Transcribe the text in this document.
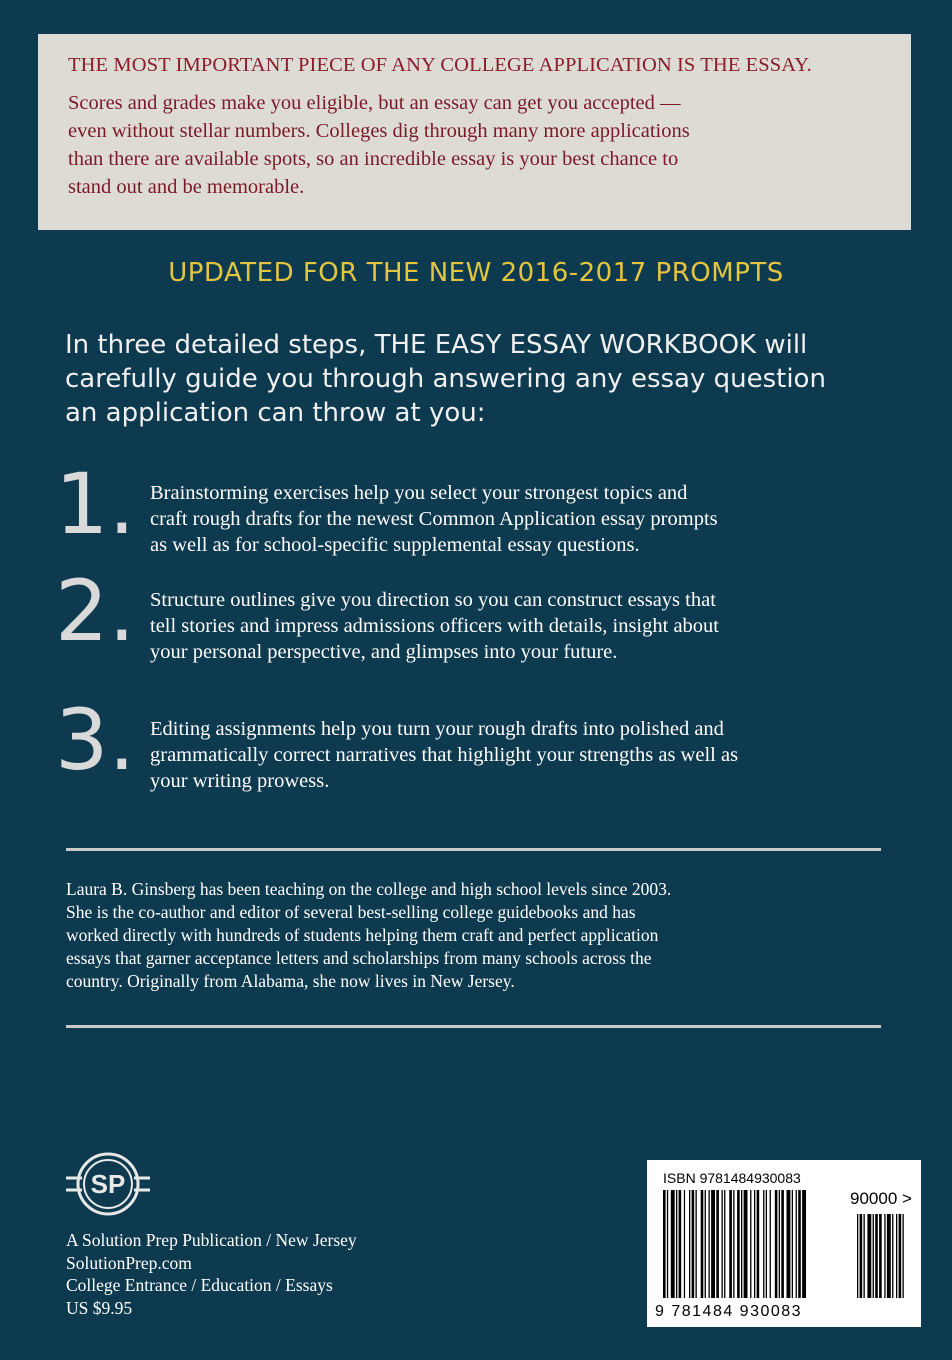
THE MOST IMPORTANT PIECE OF ANY COLLEGE APPLICATION IS THE ESSAY.

Scores and grades make you eligible, but an essay can get you accepted —
even without stellar numbers. Colleges dig through many more applications
than there are available spots, so an incredible essay is your best chance to
stand out and be memorable.

UPDATED FOR THE NEW 2016-2017 PROMPTS
In three detailed steps, THE EASY ESSAY WORKBOOK will
carefully guide you through answering any essay question
an application can throw at you:
1. Brainstorming exercises help you select your strongest topics and
craft rough drafts for the newest Common Application essay prompts
as well as for school-specific supplemental essay questions.
2. Structure outlines give you direction so you can construct essays that
tell stories and impress admissions officers with details, insight about
your personal perspective, and glimpses into your future.
3. Editing assignments help you turn your rough drafts into polished and
grammatically correct narratives that highlight your strengths as well as
your writing prowess.
Laura B. Ginsberg has been teaching on the college and high school levels since 2003.
She is the co-author and editor of several best-selling college guidebooks and has
worked directly with hundreds of students helping them craft and perfect application
essays that garner acceptance letters and scholarships from many schools across the
country. Originally from Alabama, she now lives in New Jersey.
SP
A Solution Prep Publication / New Jersey
SolutionPrep.com
College Entrance / Education / Essays
US $9.95
ISBN 9781484930083
90000 >
9 781484 930083
